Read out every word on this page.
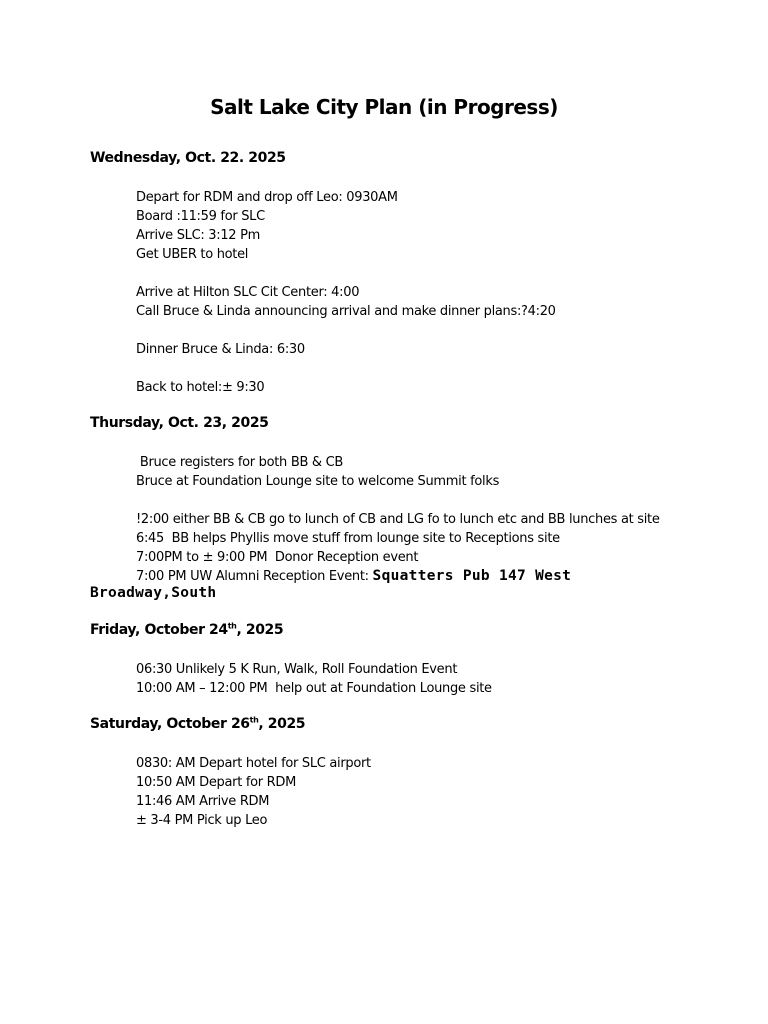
Salt Lake City Plan (in Progress)
Wednesday, Oct. 22. 2025
Depart for RDM and drop off Leo: 0930AM
Board :11:59 for SLC
Arrive SLC: 3:12 Pm
Get UBER to hotel
Arrive at Hilton SLC Cit Center: 4:00
Call Bruce & Linda announcing arrival and make dinner plans:?4:20
Dinner Bruce & Linda: 6:30
Back to hotel:± 9:30
Thursday, Oct. 23, 2025
Bruce registers for both BB & CB
Bruce at Foundation Lounge site to welcome Summit folks
!2:00 either BB & CB go to lunch of CB and LG fo to lunch etc and BB lunches at site
6:45  BB helps Phyllis move stuff from lounge site to Receptions site
7:00PM to ± 9:00 PM  Donor Reception event
7:00 PM UW Alumni Reception Event: Squatters Pub 147 West
Broadway,South
Friday, October 24th, 2025
06:30 Unlikely 5 K Run, Walk, Roll Foundation Event
10:00 AM – 12:00 PM  help out at Foundation Lounge site
Saturday, October 26th, 2025
0830: AM Depart hotel for SLC airport
10:50 AM Depart for RDM
11:46 AM Arrive RDM
± 3-4 PM Pick up Leo
